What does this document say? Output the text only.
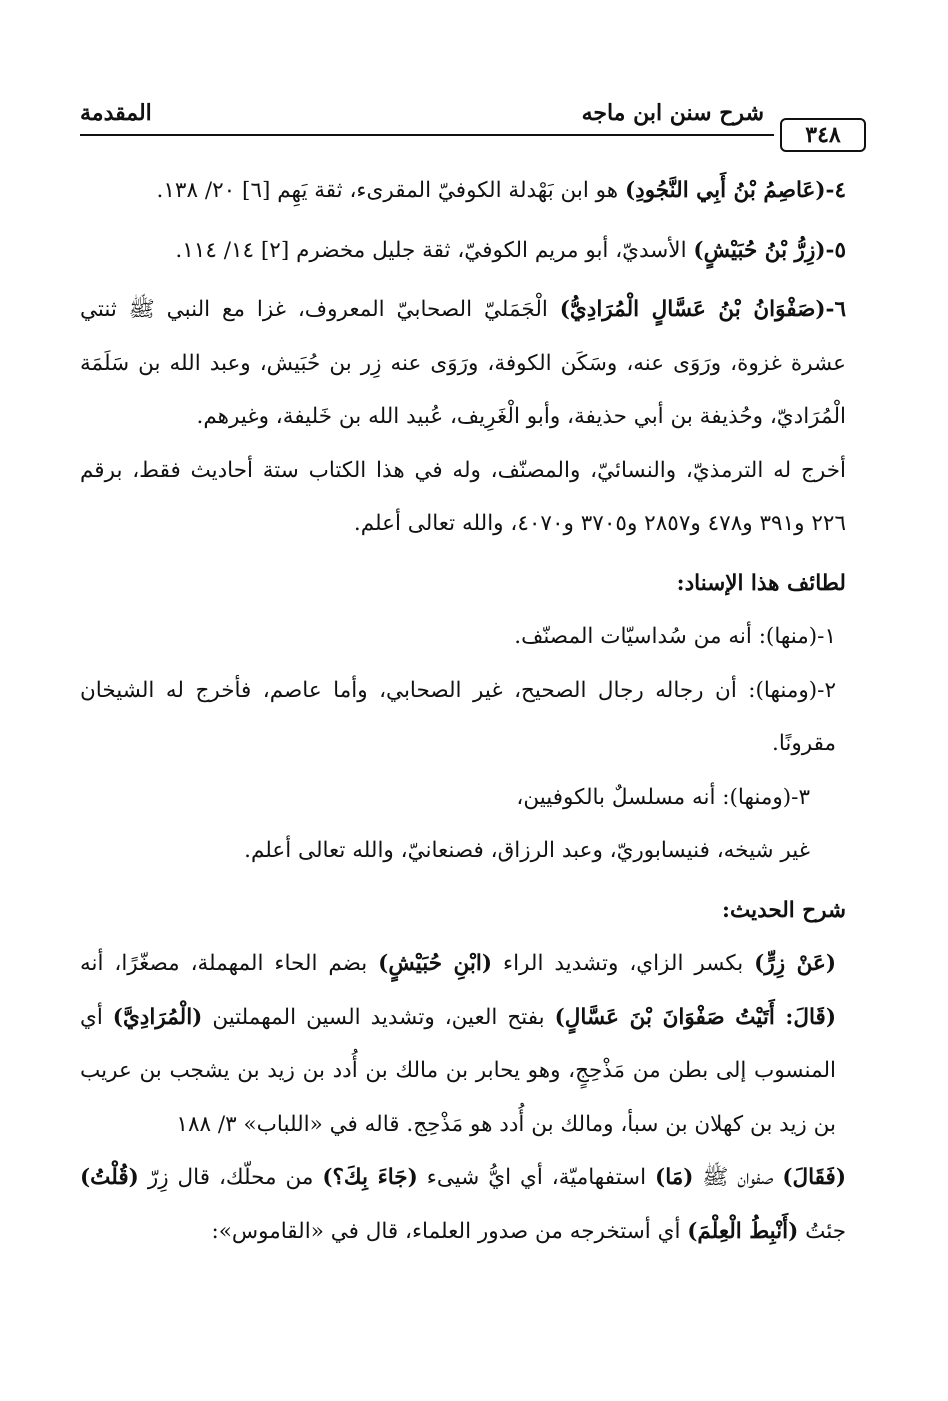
المقدمة	شرح سنن ابن ماجه
٣٤٨

٤-(عَاصِمُ بْنُ أَبِي النَّجُودِ) هو ابن بَهْدلة الكوفيّ المقرىء، ثقة يَهِم [٦] ٢٠/ ١٣٨.

٥-(زِرُّ بْنُ حُبَيْشٍ) الأسديّ، أبو مريم الكوفيّ، ثقة جليل مخضرم [٢] ١٤/ ١١٤.

٦-(صَفْوَانُ بْنُ عَسَّالٍ الْمُرَادِيُّ) الْجَمَليّ الصحابيّ المعروف، غزا مع النبي ﷺ ثنتي عشرة غزوة، ورَوَى عنه، وسَكَن الكوفة، ورَوَى عنه زِر بن حُبَيش، وعبد الله بن سَلَمَة الْمُرَاديّ، وحُذيفة بن أبي حذيفة، وأبو الْغَرِيف، عُبيد الله بن خَليفة، وغيرهم.

أخرج له الترمذيّ، والنسائيّ، والمصنّف، وله في هذا الكتاب ستة أحاديث فقط، برقم ٢٢٦ و٣٩١ و٤٧٨ و٢٨٥٧ و٣٧٠٥ و٤٠٧٠، والله تعالى أعلم.

لطائف هذا الإسناد:

١-(منها): أنه من سُداسيّات المصنّف.

٢-(ومنها): أن رجاله رجال الصحيح، غير الصحابي، وأما عاصم، فأخرج له الشيخان مقرونًا.

٣-(ومنها): أنه مسلسلٌ بالكوفيين،

غير شيخه، فنيسابوريّ، وعبد الرزاق، فصنعانيّ، والله تعالى أعلم.

شرح الحديث:

(عَنْ زِرٍّ) بكسر الزاي، وتشديد الراء (ابْنِ حُبَيْشٍ) بضم الحاء المهملة، مصغّرًا، أنه (قَالَ: أَتَيْتُ صَفْوَانَ بْنَ عَسَّالٍ) بفتح العين، وتشديد السين المهملتين (الْمُرَادِيَّ) أي المنسوب إلى بطن من مَذْحِجٍ، وهو يحابر بن مالك بن أُدد بن زيد بن يشجب بن عريب بن زيد بن كهلان بن سبأ، ومالك بن أُدد هو مَذْحِج. قاله في «اللباب» ٣/ ١٨٨

(فَقَالَ) صفوان ﷺ (مَا) استفهاميّة، أي ايُّ شيىء (جَاءَ بِكَ؟) من محلّك، قال زِرّ (قُلْتُ) جئتُ (أَنْبِطُ الْعِلْمَ) أي أستخرجه من صدور العلماء، قال في «القاموس»:
